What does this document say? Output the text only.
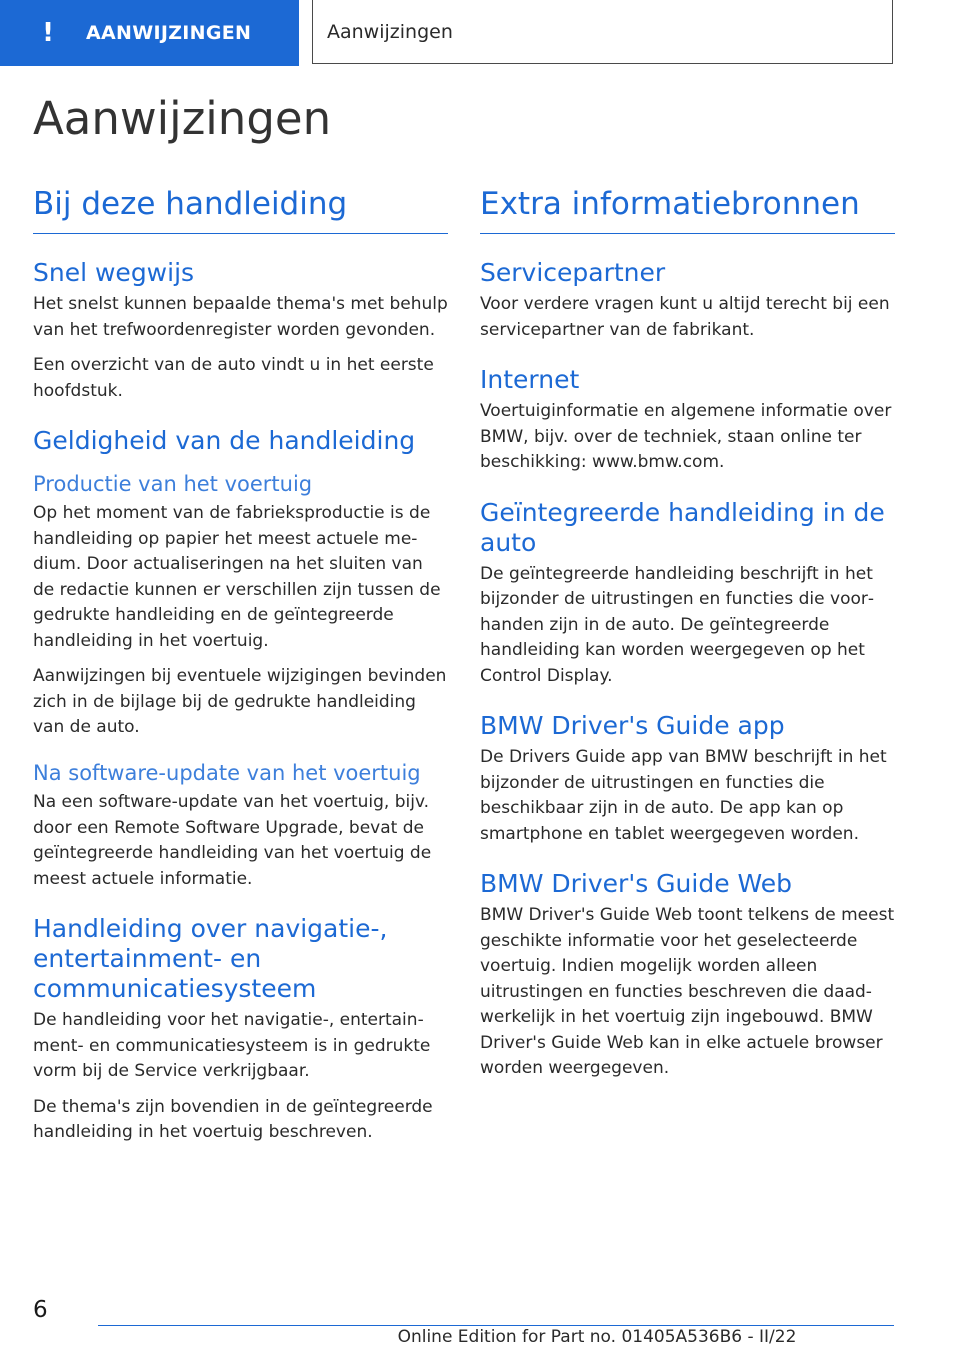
!	AANWIJZINGEN	Aanwijzingen
Aanwijzingen
Bij deze handleiding
Snel wegwijs

Het snelst kunnen bepaalde thema's met behulp van het trefwoordenregister worden gevonden.

Een overzicht van de auto vindt u in het eerste hoofdstuk.

Geldigheid van de handleiding
Productie van het voertuig

Op het moment van de fabrieksproductie is de handleiding op papier het meest actuele medium. Door actualiseringen na het sluiten van de redactie kunnen er verschillen zijn tussen de gedrukte handleiding en de geïntegreerde handleiding in het voertuig.

Aanwijzingen bij eventuele wijzigingen bevinden zich in de bijlage bij de gedrukte handleiding van de auto.

Na software-update van het voertuig

Na een software-update van het voertuig, bijv. door een Remote Software Upgrade, bevat de geïntegreerde handleiding van het voertuig de meest actuele informatie.

Handleiding over navigatie-, entertainment- en communicatiesysteem

De handleiding voor het navigatie-, entertainment- en communicatiesysteem is in gedrukte vorm bij de Service verkrijgbaar.

De thema's zijn bovendien in de geïntegreerde handleiding in het voertuig beschreven.

Extra informatiebronnen
Servicepartner

Voor verdere vragen kunt u altijd terecht bij een servicepartner van de fabrikant.

Internet

Voertuiginformatie en algemene informatie over BMW, bijv. over de techniek, staan online ter beschikking: www.bmw.com.

Geïntegreerde handleiding in de auto

De geïntegreerde handleiding beschrijft in het bijzonder de uitrustingen en functies die voorhanden zijn in de auto. De geïntegreerde handleiding kan worden weergegeven op het Control Display.

BMW Driver's Guide app

De Drivers Guide app van BMW beschrijft in het bijzonder de uitrustingen en functies die beschikbaar zijn in de auto. De app kan op smartphone en tablet weergegeven worden.

BMW Driver's Guide Web

BMW Driver's Guide Web toont telkens de meest geschikte informatie voor het geselecteerde voertuig. Indien mogelijk worden alleen uitrustingen en functies beschreven die daadwerkelijk in het voertuig zijn ingebouwd. BMW Driver's Guide Web kan in elke actuele browser worden weergegeven.

6
Online Edition for Part no. 01405A536B6 - II/22
